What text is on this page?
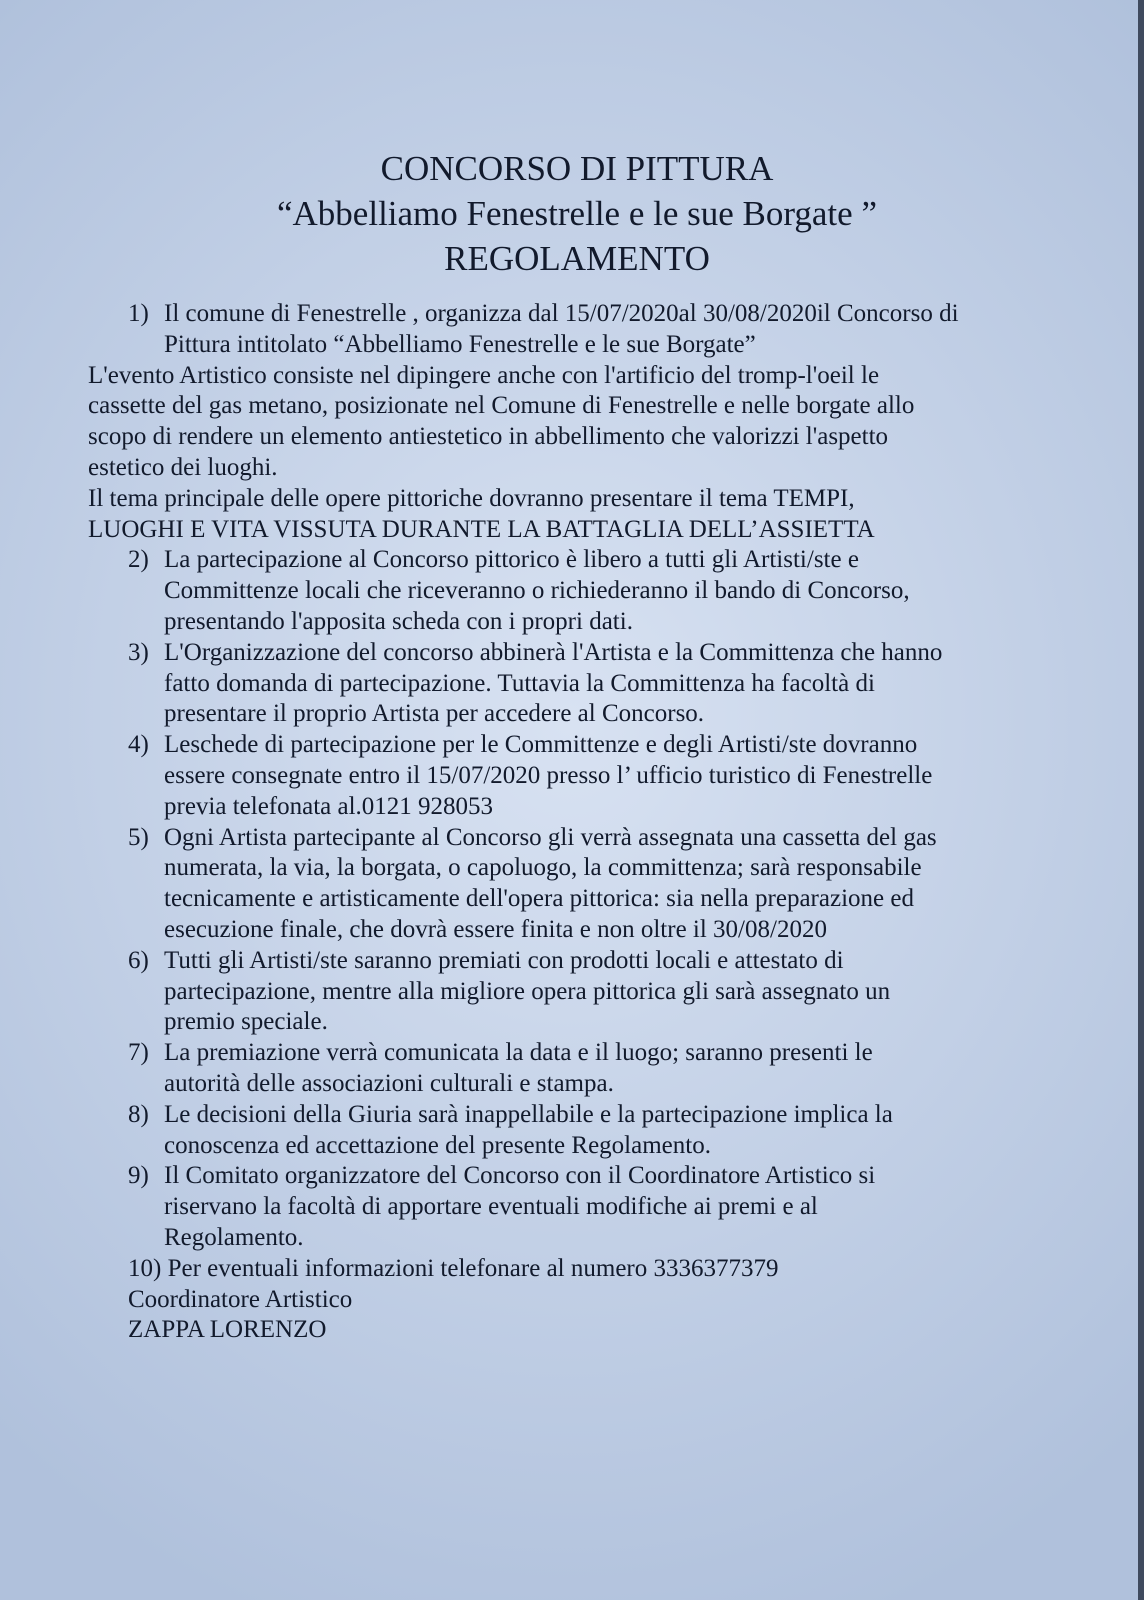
CONCORSO DI PITTURA
“Abbelliamo Fenestrelle e le sue Borgate ”
REGOLAMENTO
1) Il comune di Fenestrelle , organizza dal 15/07/2020al 30/08/2020il Concorso di
Pittura intitolato “Abbelliamo Fenestrelle e le sue Borgate”
L'evento Artistico consiste nel dipingere anche con l'artificio del tromp-l'oeil le
cassette del gas metano, posizionate nel Comune di Fenestrelle e nelle borgate allo
scopo di rendere un elemento antiestetico in abbellimento che valorizzi l'aspetto
estetico dei luoghi.
Il tema principale delle opere pittoriche dovranno presentare il tema TEMPI,
LUOGHI E VITA VISSUTA DURANTE LA BATTAGLIA DELL’ASSIETTA
2) La partecipazione al Concorso pittorico è libero a tutti gli Artisti/ste e
Committenze locali che riceveranno o richiederanno il bando di Concorso,
presentando l'apposita scheda con i propri dati.
3) L'Organizzazione del concorso abbinerà l'Artista e la Committenza che hanno
fatto domanda di partecipazione. Tuttavia la Committenza ha facoltà di
presentare il proprio Artista per accedere al Concorso.
4) Leschede di partecipazione per le Committenze e degli Artisti/ste dovranno
essere consegnate entro il 15/07/2020 presso l’ ufficio turistico di Fenestrelle
previa telefonata al.0121 928053
5) Ogni Artista partecipante al Concorso gli verrà assegnata una cassetta del gas
numerata, la via, la borgata, o capoluogo, la committenza; sarà responsabile
tecnicamente e artisticamente dell'opera pittorica: sia nella preparazione ed
esecuzione finale, che dovrà essere finita e non oltre il 30/08/2020
6) Tutti gli Artisti/ste saranno premiati con prodotti locali e attestato di
partecipazione, mentre alla migliore opera pittorica gli sarà assegnato un
premio speciale.
7) La premiazione verrà comunicata la data e il luogo; saranno presenti le
autorità delle associazioni culturali e stampa.
8) Le decisioni della Giuria sarà inappellabile e la partecipazione implica la
conoscenza ed accettazione del presente Regolamento.
9) Il Comitato organizzatore del Concorso con il Coordinatore Artistico si
riservano la facoltà di apportare eventuali modifiche ai premi e al
Regolamento.
10) Per eventuali informazioni telefonare al numero 3336377379
Coordinatore Artistico
ZAPPA LORENZO
